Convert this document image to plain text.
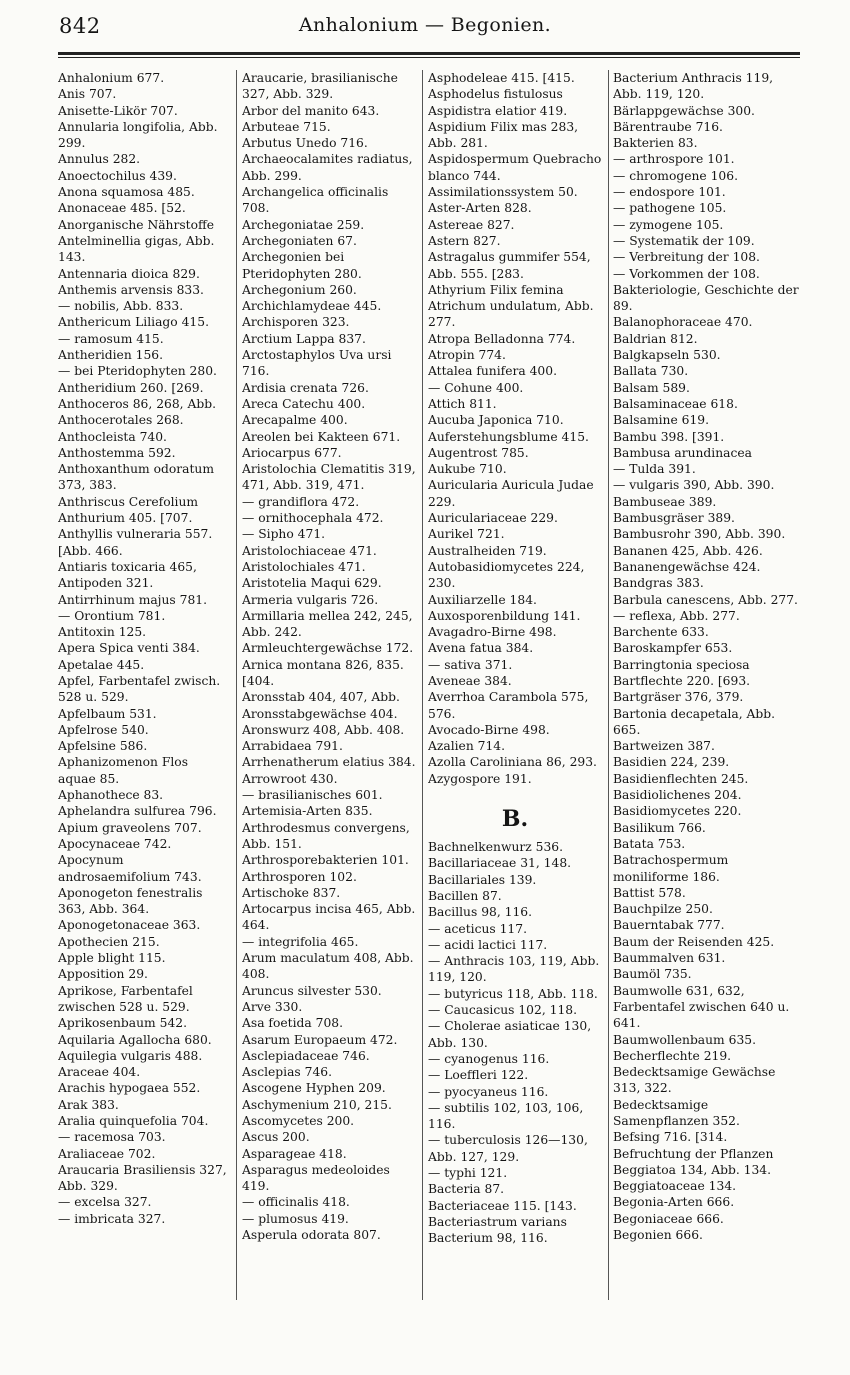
842	Anhalonium — Begonien.

Anhalonium 677.

Anis 707.

Anisette-Likör 707.

Annularia longifolia, Abb. 299.

Annulus 282.

Anoectochilus 439.

Anona squamosa 485.

Anonaceae 485. [52.

Anorganische Nährstoffe

Antelminellia gigas, Abb. 143.

Antennaria dioica 829.

Anthemis arvensis 833.

— nobilis, Abb. 833.

Anthericum Liliago 415.

— ramosum 415.

Antheridien 156.

— bei Pteridophyten 280.

Antheridium 260. [269.

Anthoceros 86, 268, Abb.

Anthocerotales 268.

Anthocleista 740.

Anthostemma 592.

Anthoxanthum odoratum 373, 383.

Anthriscus Cerefolium

Anthurium 405. [707.

Anthyllis vulneraria 557. [Abb. 466.

Antiaris toxicaria 465,

Antipoden 321.

Antirrhinum majus 781.

— Orontium 781.

Antitoxin 125.

Apera Spica venti 384.

Apetalae 445.

Apfel, Farbentafel zwisch. 528 u. 529.

Apfelbaum 531.

Apfelrose 540.

Apfelsine 586.

Aphanizomenon Flos aquae 85.

Aphanothece 83.

Aphelandra sulfurea 796.

Apium graveolens 707.

Apocynaceae 742.

Apocynum androsaemifolium 743.

Aponogeton fenestralis 363, Abb. 364.

Aponogetonaceae 363.

Apothecien 215.

Apple blight 115.

Apposition 29.

Aprikose, Farbentafel zwischen 528 u. 529.

Aprikosenbaum 542.

Aquilaria Agallocha 680.

Aquilegia vulgaris 488.

Araceae 404.

Arachis hypogaea 552.

Arak 383.

Aralia quinquefolia 704.

— racemosa 703.

Araliaceae 702.

Araucaria Brasiliensis 327, Abb. 329.

— excelsa 327.

— imbricata 327.

Araucarie, brasilianische 327, Abb. 329.

Arbor del manito 643.

Arbuteae 715.

Arbutus Unedo 716.

Archaeocalamites radiatus, Abb. 299.

Archangelica officinalis 708.

Archegoniatae 259.

Archegoniaten 67.

Archegonien bei Pteridophyten 280.

Archegonium 260.

Archichlamydeae 445.

Archisporen 323.

Arctium Lappa 837.

Arctostaphylos Uva ursi 716.

Ardisia crenata 726.

Areca Catechu 400.

Arecapalme 400.

Areolen bei Kakteen 671.

Ariocarpus 677.

Aristolochia Clematitis 319, 471, Abb. 319, 471.

— grandiflora 472.

— ornithocephala 472.

— Sipho 471.

Aristolochiaceae 471.

Aristolochiales 471.

Aristotelia Maqui 629.

Armeria vulgaris 726.

Armillaria mellea 242, 245, Abb. 242.

Armleuchtergewächse 172.

Arnica montana 826, 835. [404.

Aronsstab 404, 407, Abb.

Aronsstabgewächse 404.

Aronswurz 408, Abb. 408.

Arrabidaea 791.

Arrhenatherum elatius 384.

Arrowroot 430.

— brasilianisches 601.

Artemisia-Arten 835.

Arthrodesmus convergens, Abb. 151.

Arthrosporebakterien 101.

Arthrosporen 102.

Artischoke 837.

Artocarpus incisa 465, Abb. 464.

— integrifolia 465.

Arum maculatum 408, Abb. 408.

Aruncus silvester 530.

Arve 330.

Asa foetida 708.

Asarum Europaeum 472.

Asclepiadaceae 746.

Asclepias 746.

Ascogene Hyphen 209.

Aschymenium 210, 215.

Ascomycetes 200.

Ascus 200.

Asparageae 418.

Asparagus medeoloides 419.

— officinalis 418.

— plumosus 419.

Asperula odorata 807.

Asphodeleae 415. [415.

Asphodelus fistulosus

Aspidistra elatior 419.

Aspidium Filix mas 283, Abb. 281.

Aspidospermum Quebracho blanco 744.

Assimilationssystem 50.

Aster-Arten 828.

Astereae 827.

Astern 827.

Astragalus gummifer 554, Abb. 555. [283.

Athyrium Filix femina

Atrichum undulatum, Abb. 277.

Atropa Belladonna 774.

Atropin 774.

Attalea funifera 400.

— Cohune 400.

Attich 811.

Aucuba Japonica 710.

Auferstehungsblume 415.

Augentrost 785.

Aukube 710.

Auricularia Auricula Judae 229.

Auriculariaceae 229.

Aurikel 721.

Australheiden 719.

Autobasidiomycetes 224, 230.

Auxiliarzelle 184.

Auxosporenbildung 141.

Avagadro-Birne 498.

Avena fatua 384.

— sativa 371.

Aveneae 384.

Averrhoa Carambola 575, 576.

Avocado-Birne 498.

Azalien 714.

Azolla Caroliniana 86, 293.

Azygospore 191.

B.

Bachnelkenwurz 536.

Bacillariaceae 31, 148.

Bacillariales 139.

Bacillen 87.

Bacillus 98, 116.

— aceticus 117.

— acidi lactici 117.

— Anthracis 103, 119, Abb. 119, 120.

— butyricus 118, Abb. 118.

— Caucasicus 102, 118.

— Cholerae asiaticae 130, Abb. 130.

— cyanogenus 116.

— Loeffleri 122.

— pyocyaneus 116.

— subtilis 102, 103, 106, 116.

— tuberculosis 126—130, Abb. 127, 129.

— typhi 121.

Bacteria 87.

Bacteriaceae 115. [143.

Bacteriastrum varians

Bacterium 98, 116.

Bacterium Anthracis 119, Abb. 119, 120.

Bärlappgewächse 300.

Bärentraube 716.

Bakterien 83.

— arthrospore 101.

— chromogene 106.

— endospore 101.

— pathogene 105.

— zymogene 105.

— Systematik der 109.

— Verbreitung der 108.

— Vorkommen der 108.

Bakteriologie, Geschichte der 89.

Balanophoraceae 470.

Baldrian 812.

Balgkapseln 530.

Ballata 730.

Balsam 589.

Balsaminaceae 618.

Balsamine 619.

Bambu 398. [391.

Bambusa arundinacea

— Tulda 391.

— vulgaris 390, Abb. 390.

Bambuseae 389.

Bambusgräser 389.

Bambusrohr 390, Abb. 390.

Bananen 425, Abb. 426.

Bananengewächse 424.

Bandgras 383.

Barbula canescens, Abb. 277.

— reflexa, Abb. 277.

Barchente 633.

Baroskampfer 653.

Barringtonia speciosa

Bartflechte 220. [693.

Bartgräser 376, 379.

Bartonia decapetala, Abb. 665.

Bartweizen 387.

Basidien 224, 239.

Basidienflechten 245.

Basidiolichenes 204.

Basidiomycetes 220.

Basilikum 766.

Batata 753.

Batrachospermum moniliforme 186.

Battist 578.

Bauchpilze 250.

Bauerntabak 777.

Baum der Reisenden 425.

Baummalven 631.

Baumöl 735.

Baumwolle 631, 632, Farbentafel zwischen 640 u. 641.

Baumwollenbaum 635.

Becherflechte 219.

Bedecktsamige Gewächse 313, 322.

Bedecktsamige Samenpflanzen 352.

Befsing 716. [314.

Befruchtung der Pflanzen

Beggiatoa 134, Abb. 134.

Beggiatoaceae 134.

Begonia-Arten 666.

Begoniaceae 666.

Begonien 666.
